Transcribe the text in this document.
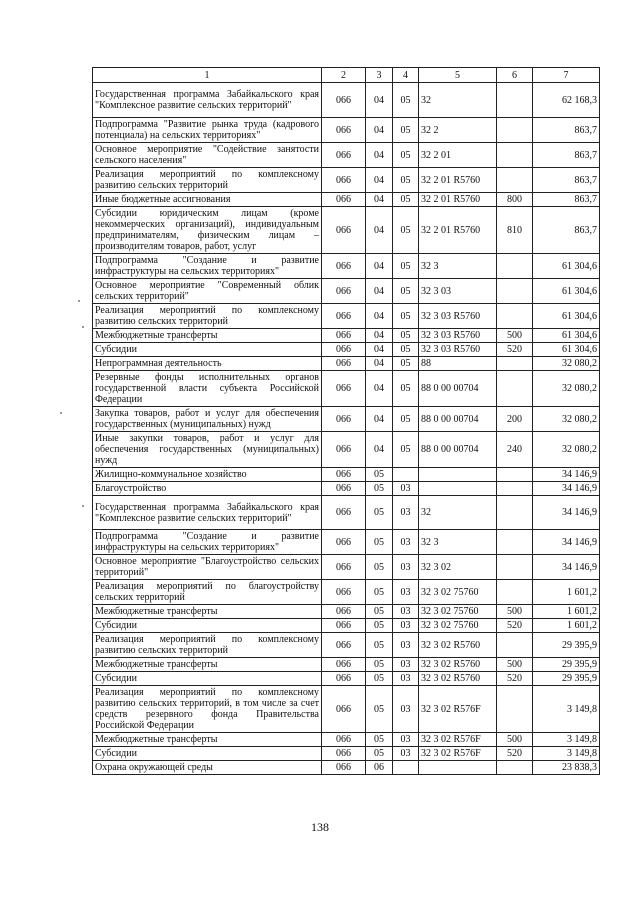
1	2	3	4	5	6	7
Государственная программа Забайкальского края "Комплексное развитие сельских территорий"	066	04	05	32		62 168,3
Подпрограмма "Развитие рынка труда (кадрового потенциала) на сельских территориях"	066	04	05	32 2		863,7
Основное мероприятие "Содействие занятости сельского населения"	066	04	05	32 2 01		863,7
Реализация мероприятий по комплексному развитию сельских территорий	066	04	05	32 2 01 R5760		863,7
Иные бюджетные ассигнования	066	04	05	32 2 01 R5760	800	863,7
Субсидии юридическим лицам (кроме некоммерческих организаций), индивидуальным предпринимателям, физическим лицам – производителям товаров, работ, услуг	066	04	05	32 2 01 R5760	810	863,7
Подпрограмма "Создание и развитие инфраструктуры на сельских территориях"	066	04	05	32 3		61 304,6
Основное мероприятие "Современный облик сельских территорий"	066	04	05	32 3 03		61 304,6
Реализация мероприятий по комплексному развитию сельских территорий	066	04	05	32 3 03 R5760		61 304,6
Межбюджетные трансферты	066	04	05	32 3 03 R5760	500	61 304,6
Субсидии	066	04	05	32 3 03 R5760	520	61 304,6
Непрограммная деятельность	066	04	05	88		32 080,2
Резервные фонды исполнительных органов государственной власти субъекта Российской Федерации	066	04	05	88 0 00 00704		32 080,2
Закупка товаров, работ и услуг для обеспечения государственных (муниципальных) нужд	066	04	05	88 0 00 00704	200	32 080,2
Иные закупки товаров, работ и услуг для обеспечения государственных (муниципальных) нужд	066	04	05	88 0 00 00704	240	32 080,2
Жилищно-коммунальное хозяйство	066	05				34 146,9
Благоустройство	066	05	03			34 146,9
Государственная программа Забайкальского края "Комплексное развитие сельских территорий"	066	05	03	32		34 146,9
Подпрограмма "Создание и развитие инфраструктуры на сельских территориях"	066	05	03	32 3		34 146,9
Основное мероприятие "Благоустройство сельских территорий"	066	05	03	32 3 02		34 146,9
Реализация мероприятий по благоустройству сельских территорий	066	05	03	32 3 02 75760		1 601,2
Межбюджетные трансферты	066	05	03	32 3 02 75760	500	1 601,2
Субсидии	066	05	03	32 3 02 75760	520	1 601,2
Реализация мероприятий по комплексному развитию сельских территорий	066	05	03	32 3 02 R5760		29 395,9
Межбюджетные трансферты	066	05	03	32 3 02 R5760	500	29 395,9
Субсидии	066	05	03	32 3 02 R5760	520	29 395,9
Реализация мероприятий по комплексному развитию сельских территорий, в том числе за счет средств резервного фонда Правительства Российской Федерации	066	05	03	32 3 02 R576F		3 149,8
Межбюджетные трансферты	066	05	03	32 3 02 R576F	500	3 149,8
Субсидии	066	05	03	32 3 02 R576F	520	3 149,8
Охрана окружающей среды	066	06				23 838,3
138
